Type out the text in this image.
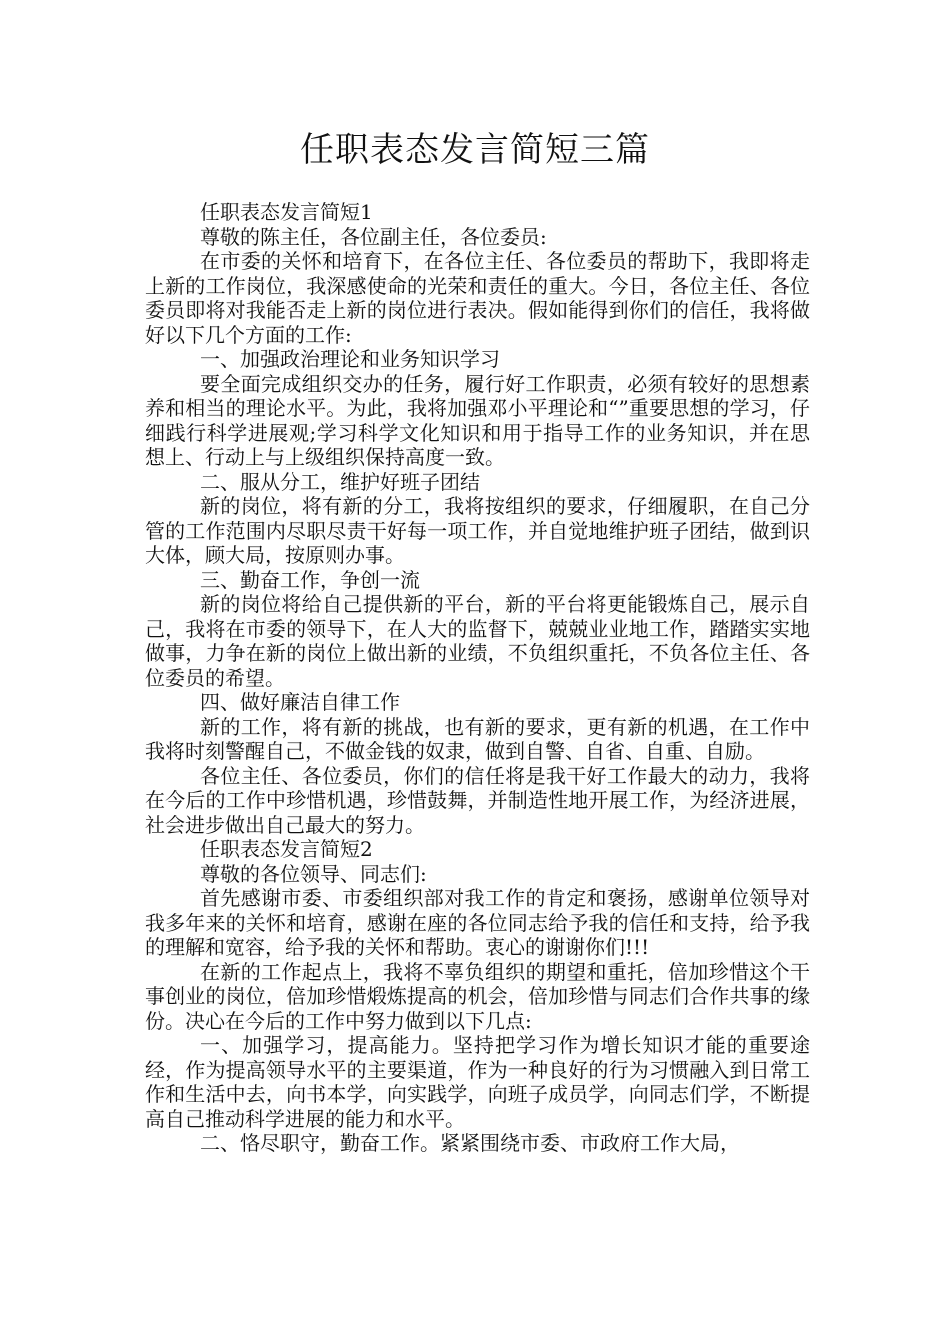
任职表态发言简短三篇

任职表态发言简短1

尊敬的陈主任，各位副主任，各位委员:

在市委的关怀和培育下，在各位主任、各位委员的帮助下，我即将走上新的工作岗位，我深感使命的光荣和责任的重大。今日，各位主任、各位委员即将对我能否走上新的岗位进行表决。假如能得到你们的信任，我将做好以下几个方面的工作:

一、加强政治理论和业务知识学习

要全面完成组织交办的任务，履行好工作职责，必须有较好的思想素养和相当的理论水平。为此，我将加强邓小平理论和“”重要思想的学习，仔细践行科学进展观;学习科学文化知识和用于指导工作的业务知识，并在思想上、行动上与上级组织保持高度一致。

二、服从分工，维护好班子团结

新的岗位，将有新的分工，我将按组织的要求，仔细履职，在自己分管的工作范围内尽职尽责干好每一项工作，并自觉地维护班子团结，做到识大体，顾大局，按原则办事。

三、勤奋工作，争创一流

新的岗位将给自己提供新的平台，新的平台将更能锻炼自己，展示自己，我将在市委的领导下，在人大的监督下，兢兢业业地工作，踏踏实实地做事，力争在新的岗位上做出新的业绩，不负组织重托，不负各位主任、各位委员的希望。

四、做好廉洁自律工作

新的工作，将有新的挑战，也有新的要求，更有新的机遇，在工作中我将时刻警醒自己，不做金钱的奴隶，做到自警、自省、自重、自励。

各位主任、各位委员，你们的信任将是我干好工作最大的动力，我将在今后的工作中珍惜机遇，珍惜鼓舞，并制造性地开展工作，为经济进展，社会进步做出自己最大的努力。

任职表态发言简短2

尊敬的各位领导、同志们:

首先感谢市委、市委组织部对我工作的肯定和褒扬，感谢单位领导对我多年来的关怀和培育，感谢在座的各位同志给予我的信任和支持，给予我的理解和宽容，给予我的关怀和帮助。衷心的谢谢你们!!!

在新的工作起点上，我将不辜负组织的期望和重托，倍加珍惜这个干事创业的岗位，倍加珍惜煅炼提高的机会，倍加珍惜与同志们合作共事的缘份。决心在今后的工作中努力做到以下几点:

一、加强学习，提高能力。坚持把学习作为增长知识才能的重要途经，作为提高领导水平的主要渠道，作为一种良好的行为习惯融入到日常工作和生活中去，向书本学，向实践学，向班子成员学，向同志们学，不断提高自己推动科学进展的能力和水平。

二、恪尽职守，勤奋工作。紧紧围绕市委、市政府工作大局，
